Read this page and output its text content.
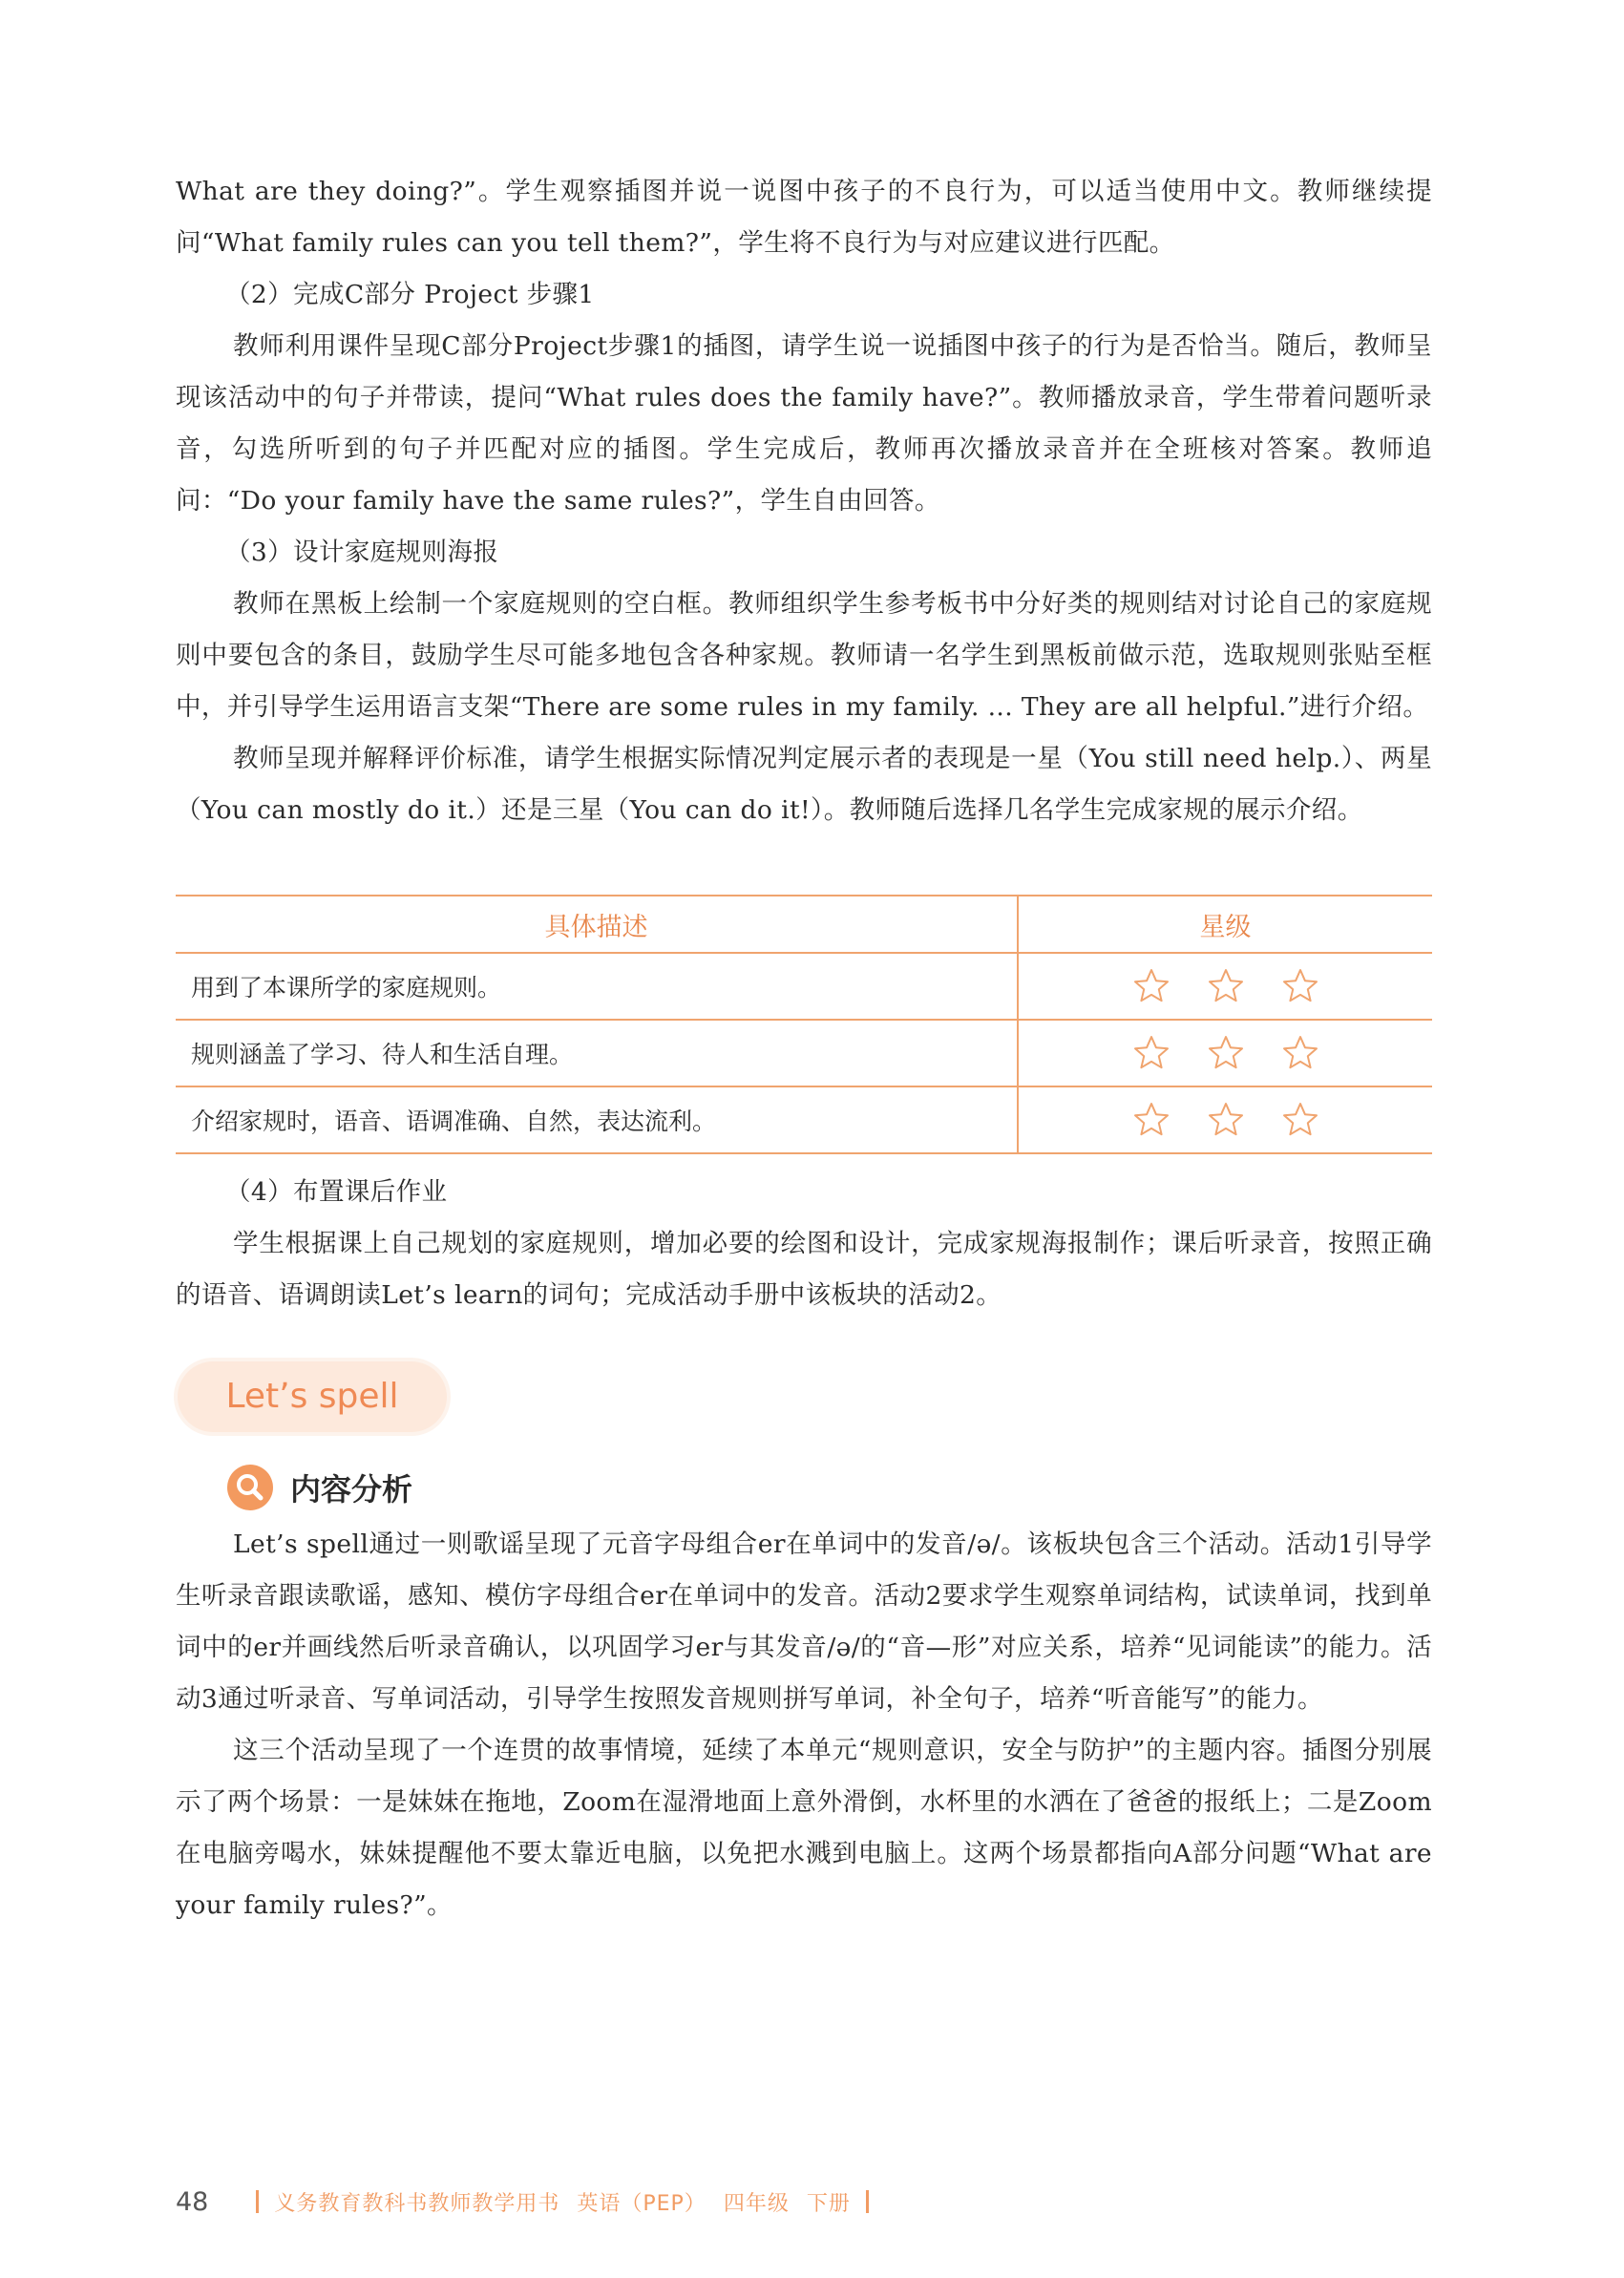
What are they doing?”。学生观察插图并说一说图中孩子的不良行为，可以适当使用中文。教师继续提问“What family rules can you tell them?”，学生将不良行为与对应建议进行匹配。

（2）完成C部分 Project 步骤1

教师利用课件呈现C部分Project步骤1的插图，请学生说一说插图中孩子的行为是否恰当。随后，教师呈现该活动中的句子并带读，提问“What rules does the family have?”。教师播放录音，学生带着问题听录音，勾选所听到的句子并匹配对应的插图。学生完成后，教师再次播放录音并在全班核对答案。教师追问：“Do your family have the same rules?”，学生自由回答。

（3）设计家庭规则海报

教师在黑板上绘制一个家庭规则的空白框。教师组织学生参考板书中分好类的规则结对讨论自己的家庭规则中要包含的条目，鼓励学生尽可能多地包含各种家规。教师请一名学生到黑板前做示范，选取规则张贴至框中，并引导学生运用语言支架“There are some rules in my family. ... They are all helpful.”进行介绍。

教师呈现并解释评价标准，请学生根据实际情况判定展示者的表现是一星（You still need help.）、两星（You can mostly do it.）还是三星（You can do it!）。教师随后选择几名学生完成家规的展示介绍。

具体描述	星级
用到了本课所学的家庭规则。	
规则涵盖了学习、待人和生活自理。	
介绍家规时，语音、语调准确、自然，表达流利。	

（4）布置课后作业

学生根据课上自己规划的家庭规则，增加必要的绘图和设计，完成家规海报制作；课后听录音，按照正确的语音、语调朗读Let’s learn的词句；完成活动手册中该板块的活动2。

Let’s spell
内容分析

Let’s spell通过一则歌谣呈现了元音字母组合er在单词中的发音/ə/。该板块包含三个活动。活动1引导学生听录音跟读歌谣，感知、模仿字母组合er在单词中的发音。活动2要求学生观察单词结构，试读单词，找到单词中的er并画线然后听录音确认，以巩固学习er与其发音/ə/的“音—形”对应关系，培养“见词能读”的能力。活动3通过听录音、写单词活动，引导学生按照发音规则拼写单词，补全句子，培养“听音能写”的能力。

这三个活动呈现了一个连贯的故事情境，延续了本单元“规则意识，安全与防护”的主题内容。插图分别展示了两个场景：一是妹妹在拖地，Zoom在湿滑地面上意外滑倒，水杯里的水洒在了爸爸的报纸上；二是Zoom在电脑旁喝水，妹妹提醒他不要太靠近电脑，以免把水溅到电脑上。这两个场景都指向A部分问题“What are your family rules?”。

48	义务教育教科书教师教学用书 英语（PEP） 四年级 下册
